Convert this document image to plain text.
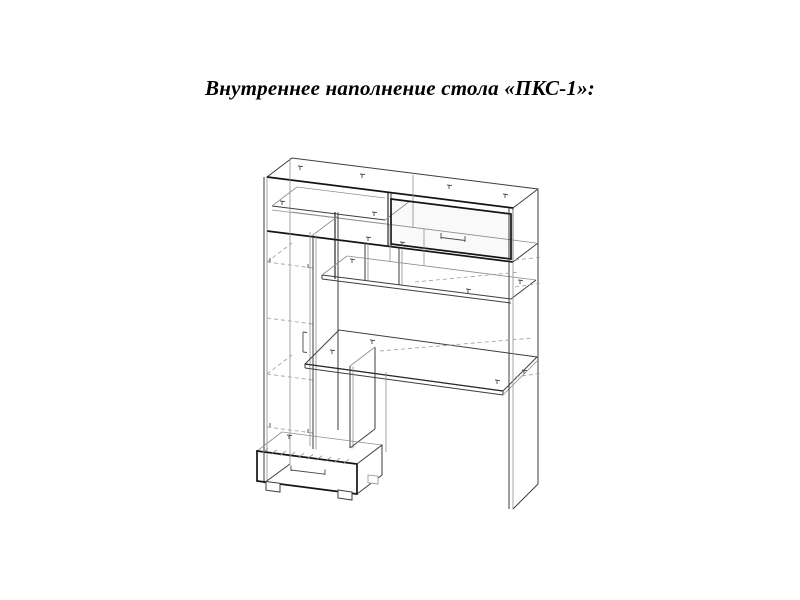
Внутреннее наполнение стола «ПКС-1»:
